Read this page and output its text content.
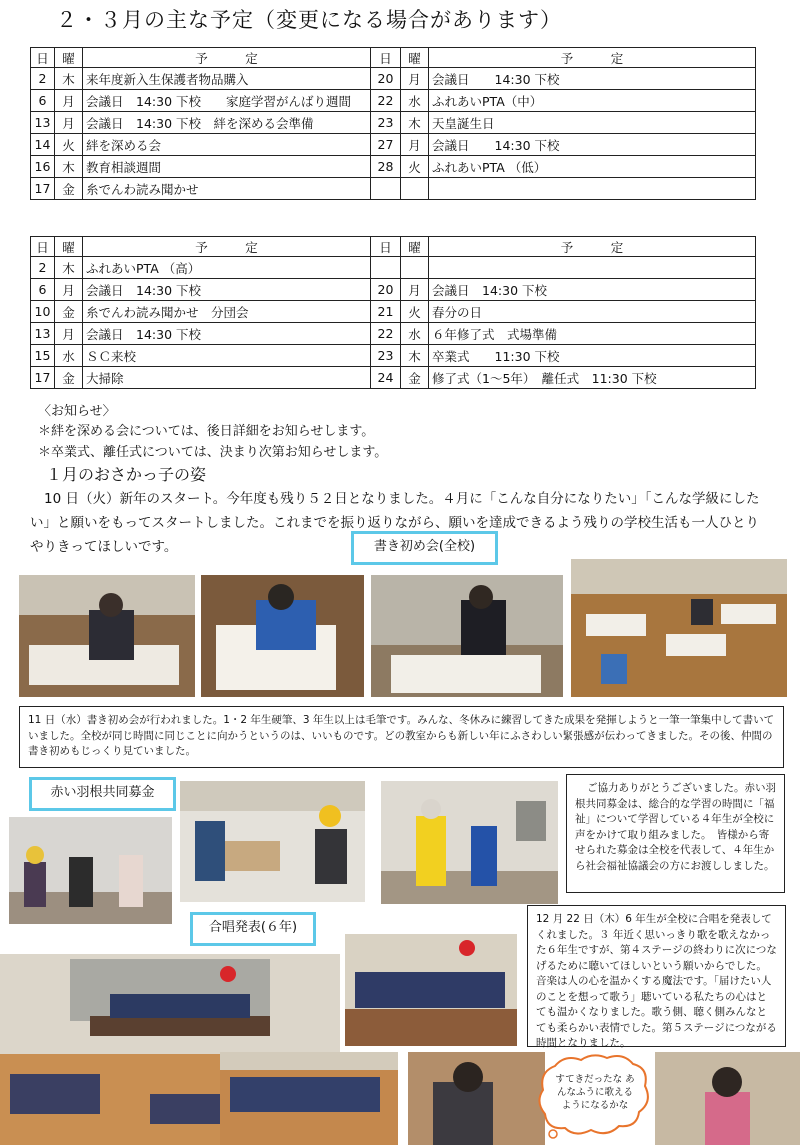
２・３月の主な予定（変更になる場合があります）
日	曜	予　　　定	日	曜	予　　　定
2	木	来年度新入生保護者物品購入	20	月	会議日　　14:30 下校
6	月	会議日　14:30 下校　　家庭学習がんばり週間	22	水	ふれあいPTA（中）
13	月	会議日　14:30 下校　絆を深める会準備	23	木	天皇誕生日
14	火	絆を深める会	27	月	会議日　　14:30 下校
16	木	教育相談週間	28	火	ふれあいPTA （低）
17	金	糸でんわ読み聞かせ			
日	曜	予　　　定	日	曜	予　　　定
2	木	ふれあいPTA （高）			
6	月	会議日　14:30 下校	20	月	会議日　14:30 下校
10	金	糸でんわ読み聞かせ　分団会	21	火	春分の日
13	月	会議日　14:30 下校	22	水	６年修了式　式場準備
15	水	ＳＣ来校	23	木	卒業式　　11:30 下校
17	金	大掃除	24	金	修了式（1～5年）　離任式　11:30 下校
〈お知らせ〉
＊絆を深める会については、後日詳細をお知らせします。
＊卒業式、離任式については、決まり次第お知らせします。
１月のおさかっ子の姿
10 日（火）新年のスタート。今年度も残り５２日となりました。４月に「こんな自分になりたい」「こんな学級にしたい」と願いをもってスタートしました。これまでを振り返りながら、願いを達成できるよう残りの学校生活も一人ひとりやりきってほしいです。	書き初め会(全校)
11 日（水）書き初め会が行われました。1・2 年生硬筆、3 年生以上は毛筆です。みんな、冬休みに練習してきた成果を発揮しようと一筆一筆集中して書いていました。全校が同じ時間に同じことに向かうというのは、いいものです。どの教室からも新しい年にふさわしい緊張感が伝わってきました。その後、仲間の書き初めもじっくり見ていました。
赤い羽根共同募金	ご協力ありがとうございました。赤い羽根共同募金は、総合的な学習の時間に「福祉」について学習している４年生が全校に声をかけて取り組みました。　皆様から寄せられた募金は全校を代表して、４年生から社会福祉協議会の方にお渡ししました。
合唱発表(６年)
12 月 22 日（木）6 年生が全校に合唱を発表してくれました。３ 年近く思いっきり歌を歌えなかった６年生ですが、第４ステージの終わりに次につなげるために聴いてほしいという願いからでした。音楽は人の心を温かくする魔法です。「届けたい人のことを想って歌う」聴いている私たちの心はとても温かくなりました。歌う側、聴く側みんなとても柔らかい表情でした。第５ステージにつながる時間となりました。
すてきだったな あんなふうに歌える ようになるかな
